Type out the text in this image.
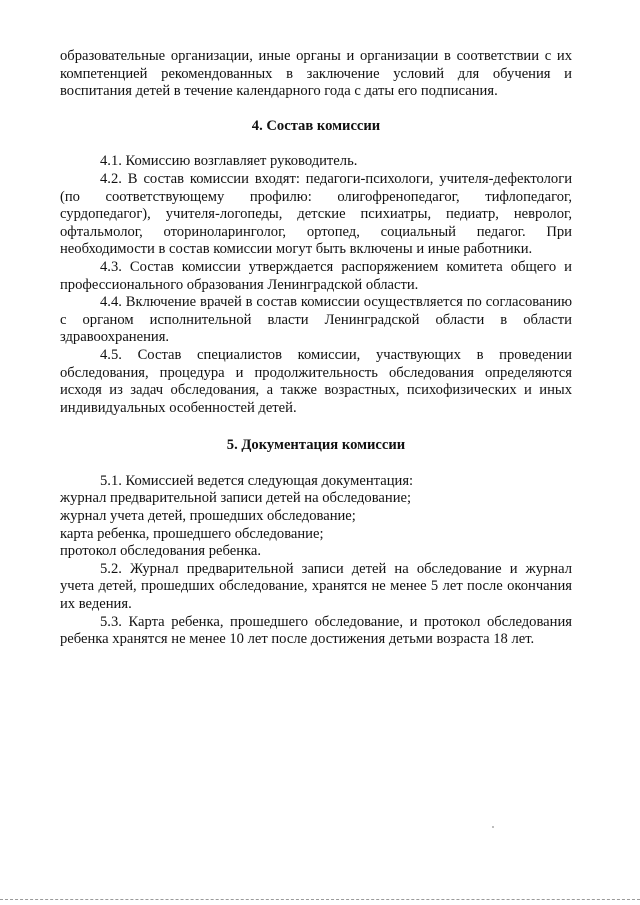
образовательные организации, иные органы и организации в соответствии с их компетенцией рекомендованных в заключение условий для обучения и воспитания детей в течение календарного года с даты его подписания.

4. Состав комиссии

4.1. Комиссию возглавляет руководитель.

4.2. В состав комиссии входят: педагоги-психологи, учителя-дефектологи (по соответствующему профилю: олигофренопедагог, тифлопедагог, сурдопедагог), учителя-логопеды, детские психиатры, педиатр, невролог, офтальмолог, оториноларинголог, ортопед, социальный педагог. При необходимости в состав комиссии могут быть включены и иные работники.

4.3. Состав комиссии утверждается распоряжением комитета общего и профессионального образования Ленинградской области.

4.4. Включение врачей в состав комиссии осуществляется по согласованию с органом исполнительной власти Ленинградской области в области здравоохранения.

4.5. Состав специалистов комиссии, участвующих в проведении обследования, процедура и продолжительность обследования определяются исходя из задач обследования, а также возрастных, психофизических и иных индивидуальных особенностей детей.

5. Документация комиссии

5.1. Комиссией ведется следующая документация:

журнал предварительной записи детей на обследование;

журнал учета детей, прошедших обследование;

карта ребенка, прошедшего обследование;

протокол обследования ребенка.

5.2. Журнал предварительной записи детей на обследование и журнал учета детей, прошедших обследование, хранятся не менее 5 лет после окончания их ведения.

5.3. Карта ребенка, прошедшего обследование, и протокол обследования ребенка хранятся не менее 10 лет после достижения детьми возраста 18 лет.
